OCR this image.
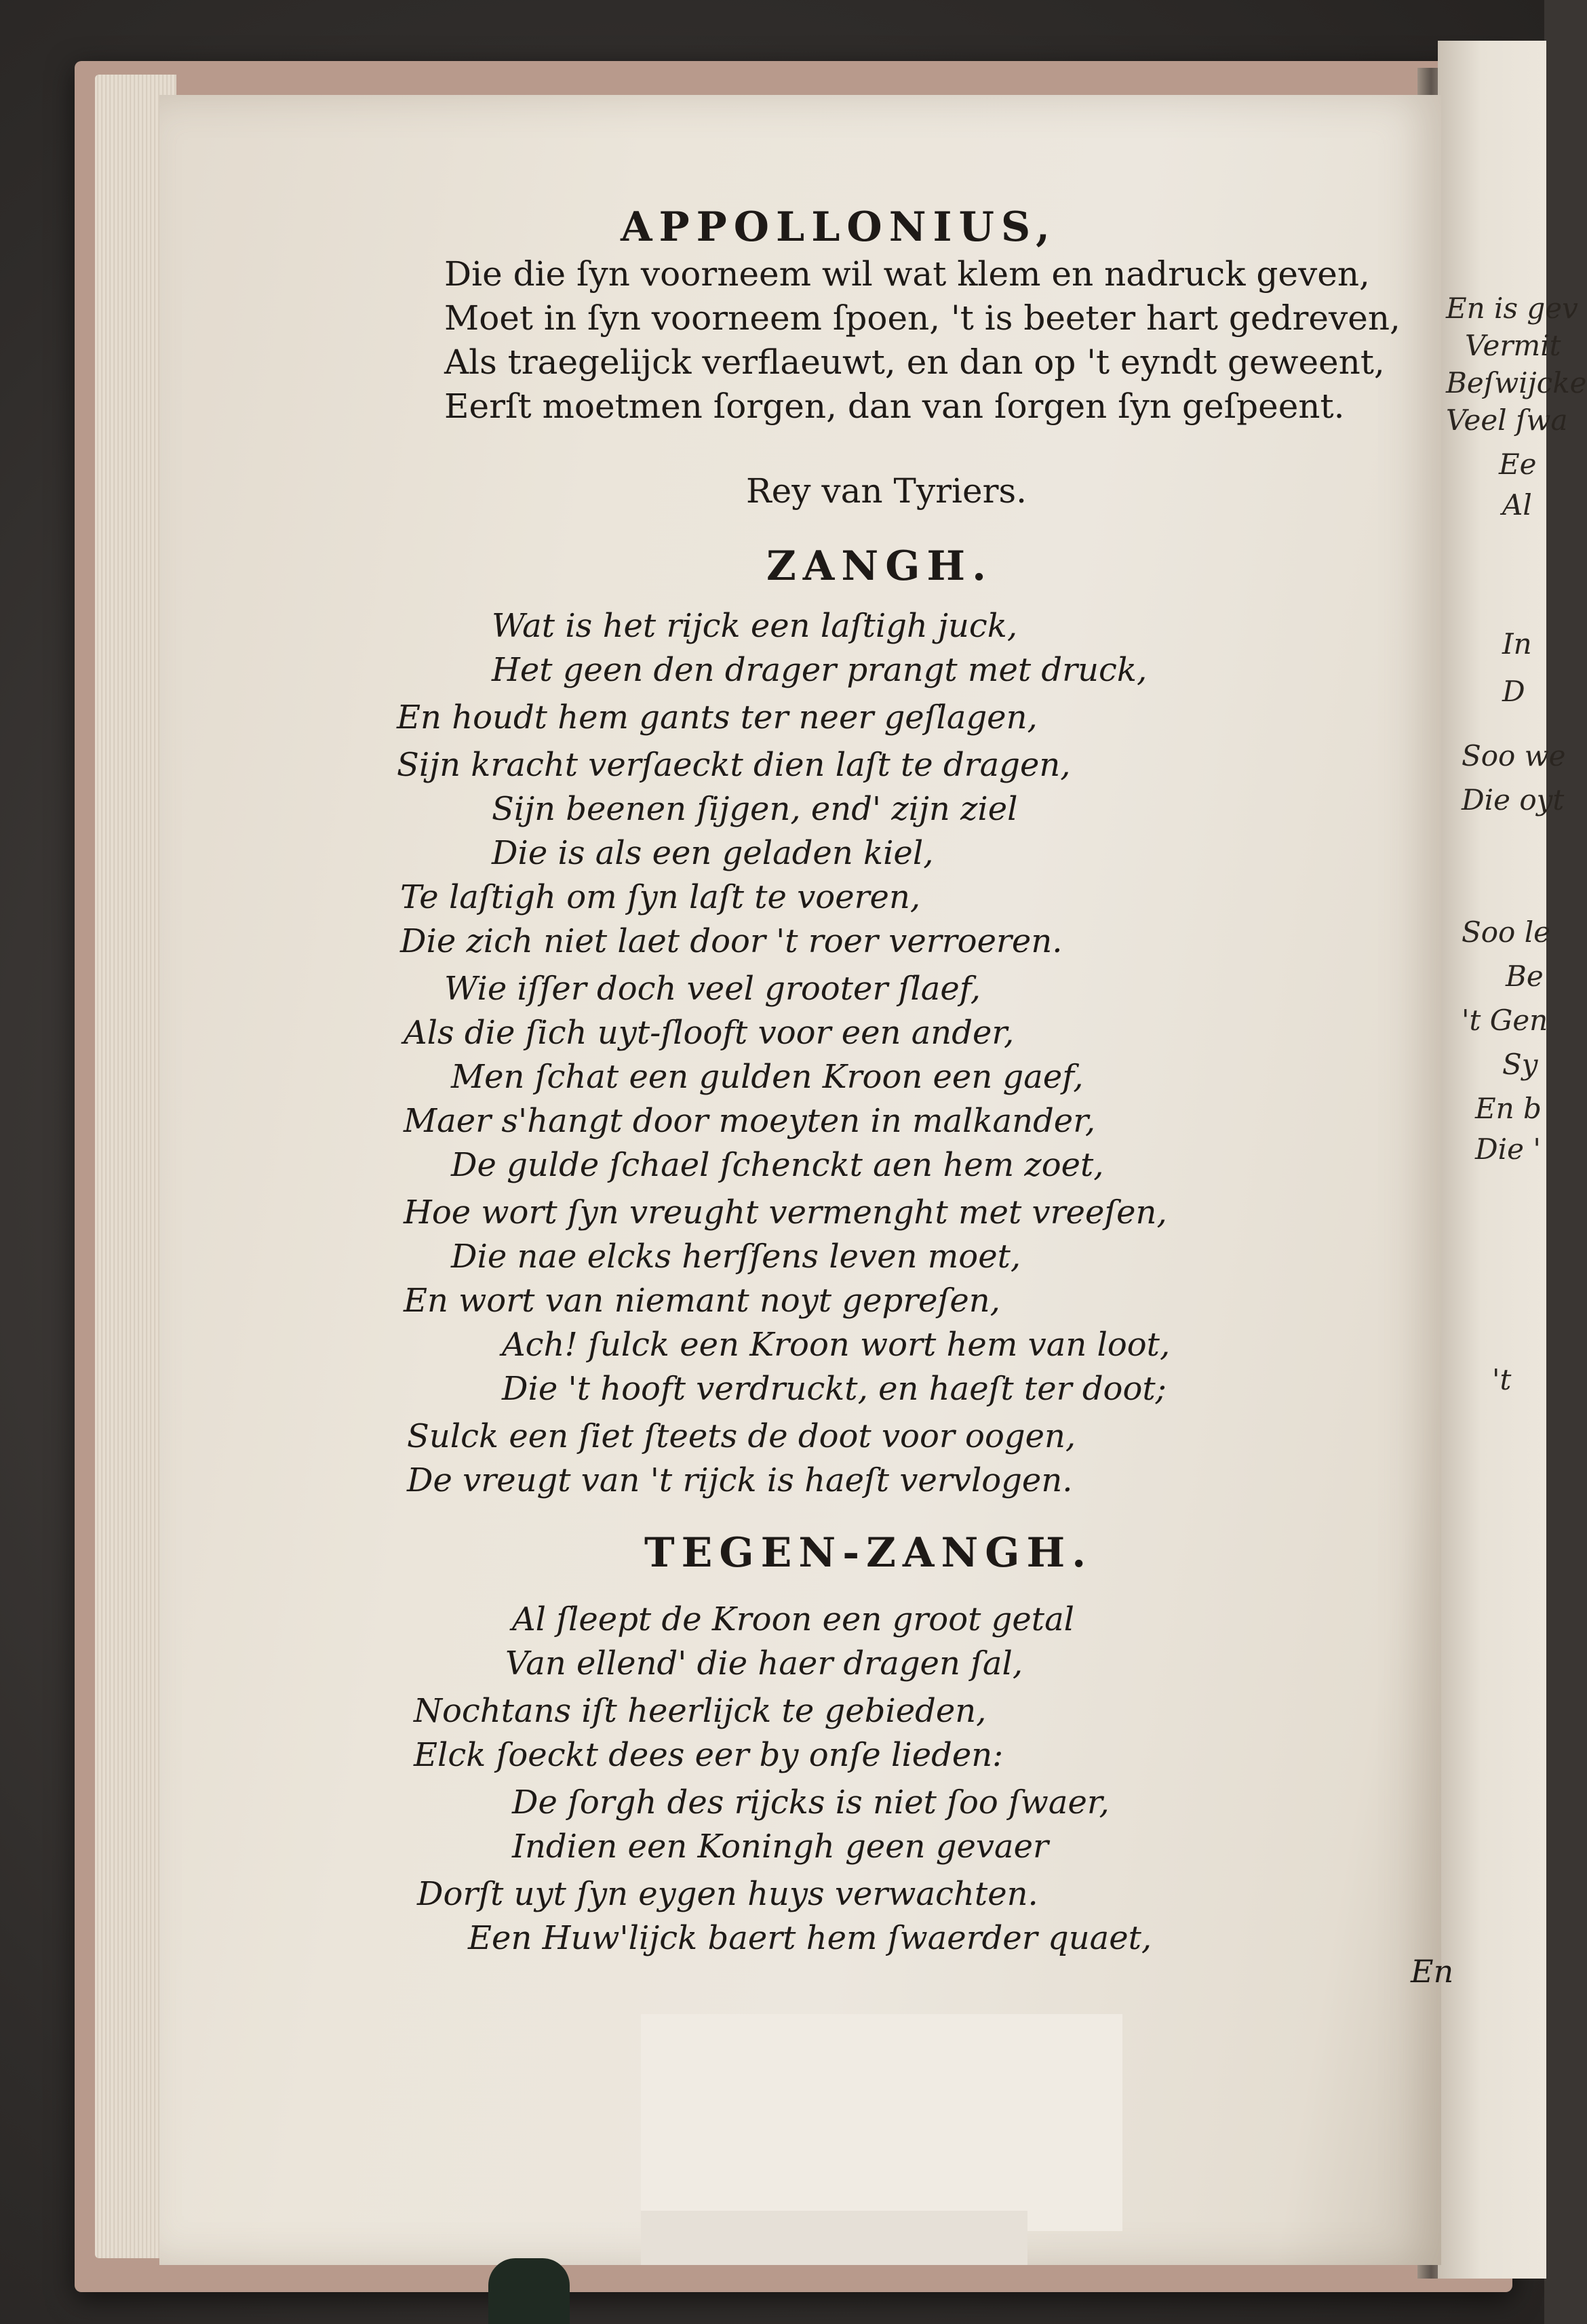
En is gev
Vermit
Beſwijcke
Veel ſwa
Ee
Al
In
D
Soo we
Die oyt
Soo le
Be
't Gen
Sy
En b
Die '
't
APPOLLONIUS,
Die die ſyn voorneem wil wat klem en nadruck geven,
Moet in ſyn voorneem ſpoen, 't is beeter hart gedreven,
Als traegelijck verflaeuwt, en dan op 't eyndt geweent,
Eerſt moetmen ſorgen, dan van ſorgen ſyn geſpeent.
Rey van Tyriers.
ZANGH.
Wat is het rijck een laſtigh juck,
Het geen den drager prangt met druck,
En houdt hem gants ter neer geſlagen,
Sijn kracht verſaeckt dien laſt te dragen,
Sijn beenen ſijgen, end' zijn ziel
Die is als een geladen kiel,
Te laſtigh om ſyn laſt te voeren,
Die zich niet laet door 't roer verroeren.
Wie iſſer doch veel grooter ſlaef,
Als die ſich uyt-ſlooft voor een ander,
Men ſchat een gulden Kroon een gaef,
Maer s'hangt door moeyten in malkander,
De gulde ſchael ſchenckt aen hem zoet,
Hoe wort ſyn vreught vermenght met vreeſen,
Die nae elcks herſſens leven moet,
En wort van niemant noyt gepreſen,
Ach! ſulck een Kroon wort hem van loot,
Die 't hooft verdruckt, en haeſt ter doot;
Sulck een ſiet ſteets de doot voor oogen,
De vreugt van 't rijck is haeſt vervlogen.
TEGEN-ZANGH.
Al ſleept de Kroon een groot getal
Van ellend' die haer dragen ſal,
Nochtans iſt heerlijck te gebieden,
Elck ſoeckt dees eer by onſe lieden:
De ſorgh des rijcks is niet ſoo ſwaer,
Indien een Koningh geen gevaer
Dorſt uyt ſyn eygen huys verwachten.
Een Huw'lijck baert hem ſwaerder quaet,
En
